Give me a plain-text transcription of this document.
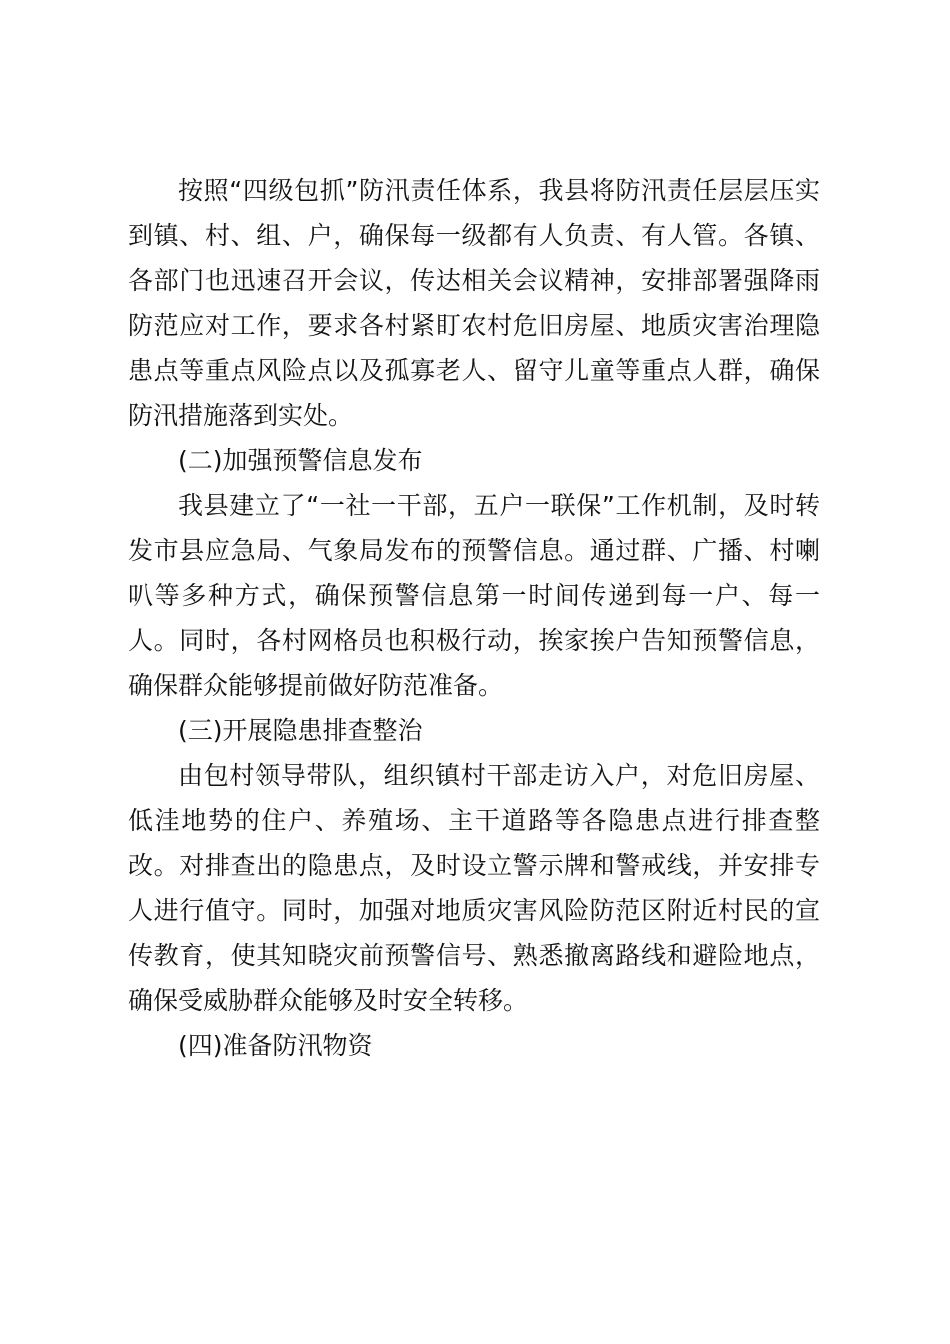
按照“四级包抓”防汛责任体系，我县将防汛责任层层压实到镇、村、组、户，确保每一级都有人负责、有人管。各镇、各部门也迅速召开会议，传达相关会议精神，安排部署强降雨防范应对工作，要求各村紧盯农村危旧房屋、地质灾害治理隐患点等重点风险点以及孤寡老人、留守儿童等重点人群，确保防汛措施落到实处。

(二)加强预警信息发布

我县建立了“一社一干部，五户一联保”工作机制，及时转发市县应急局、气象局发布的预警信息。通过群、广播、村喇叭等多种方式，确保预警信息第一时间传递到每一户、每一人。同时，各村网格员也积极行动，挨家挨户告知预警信息，确保群众能够提前做好防范准备。

(三)开展隐患排查整治

由包村领导带队，组织镇村干部走访入户，对危旧房屋、低洼地势的住户、养殖场、主干道路等各隐患点进行排查整改。对排查出的隐患点，及时设立警示牌和警戒线，并安排专人进行值守。同时，加强对地质灾害风险防范区附近村民的宣传教育，使其知晓灾前预警信号、熟悉撤离路线和避险地点，确保受威胁群众能够及时安全转移。

(四)准备防汛物资
